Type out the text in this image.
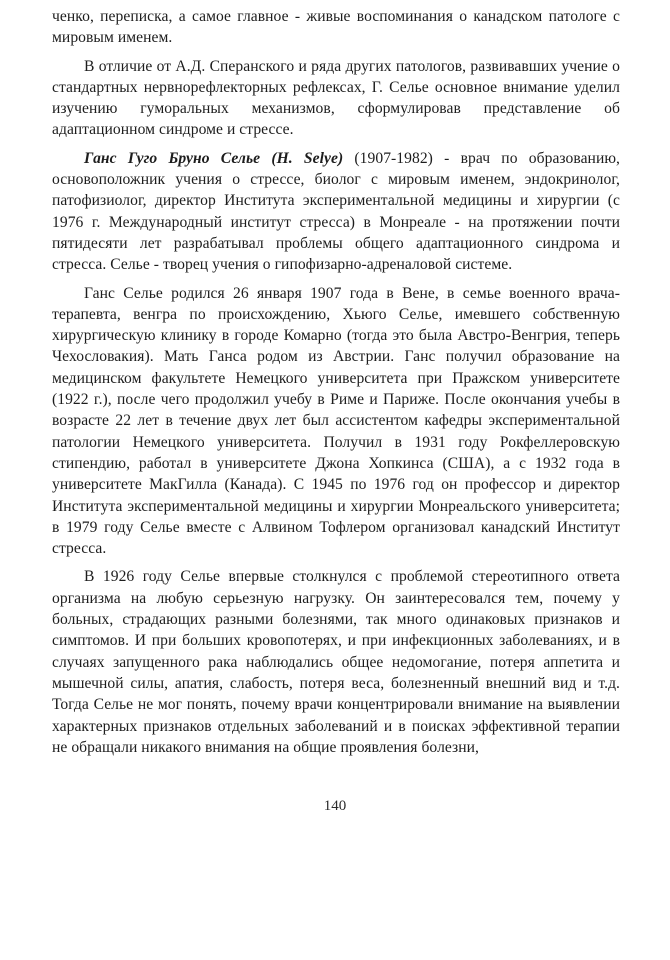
ченко, переписка, а самое главное - живые воспоминания о канадском патологе с мировым именем.

В отличие от А.Д. Сперанского и ряда других патологов, развивавших учение о стандартных нервнорефлекторных рефлексах, Г. Селье основное внимание уделил изучению гуморальных механизмов, сформулировав представление об адаптационном синдроме и стрессе.

Ганс Гуго Бруно Селье (H. Selye) (1907-1982) - врач по образованию, основоположник учения о стрессе, биолог с мировым именем, эндокринолог, патофизиолог, директор Института экспериментальной медицины и хирургии (с 1976 г. Международный институт стресса) в Монреале - на протяжении почти пятидесяти лет разрабатывал проблемы общего адаптационного синдрома и стресса. Селье - творец учения о гипофизарно-адреналовой системе.

Ганс Селье родился 26 января 1907 года в Вене, в семье военного врача-терапевта, венгра по происхождению, Хьюго Селье, имевшего собственную хирургическую клинику в городе Комарно (тогда это была Австро-Венгрия, теперь Чехословакия). Мать Ганса родом из Австрии. Ганс получил образование на медицинском факультете Немецкого университета при Пражском университете (1922 г.), после чего продолжил учебу в Риме и Париже. После окончания учебы в возрасте 22 лет в течение двух лет был ассистентом кафедры экспериментальной патологии Немецкого университета. Получил в 1931 году Рокфеллеровскую стипендию, работал в университете Джона Хопкинса (США), а с 1932 года в университете МакГилла (Канада). С 1945 по 1976 год он профессор и директор Института экспериментальной медицины и хирургии Монреальского университета; в 1979 году Селье вместе с Алвином Тофлером организовал канадский Институт стресса.

В 1926 году Селье впервые столкнулся с проблемой стереотипного ответа организма на любую серьезную нагрузку. Он заинтересовался тем, почему у больных, страдающих разными болезнями, так много одинаковых признаков и симптомов. И при больших кровопотерях, и при инфекционных заболеваниях, и в случаях запущенного рака наблюдались общее недомогание, потеря аппетита и мышечной силы, апатия, слабость, потеря веса, болезненный внешний вид и т.д. Тогда Селье не мог понять, почему врачи концентрировали внимание на выявлении характерных признаков отдельных заболеваний и в поисках эффективной терапии не обращали никакого внимания на общие проявления болезни,

140
